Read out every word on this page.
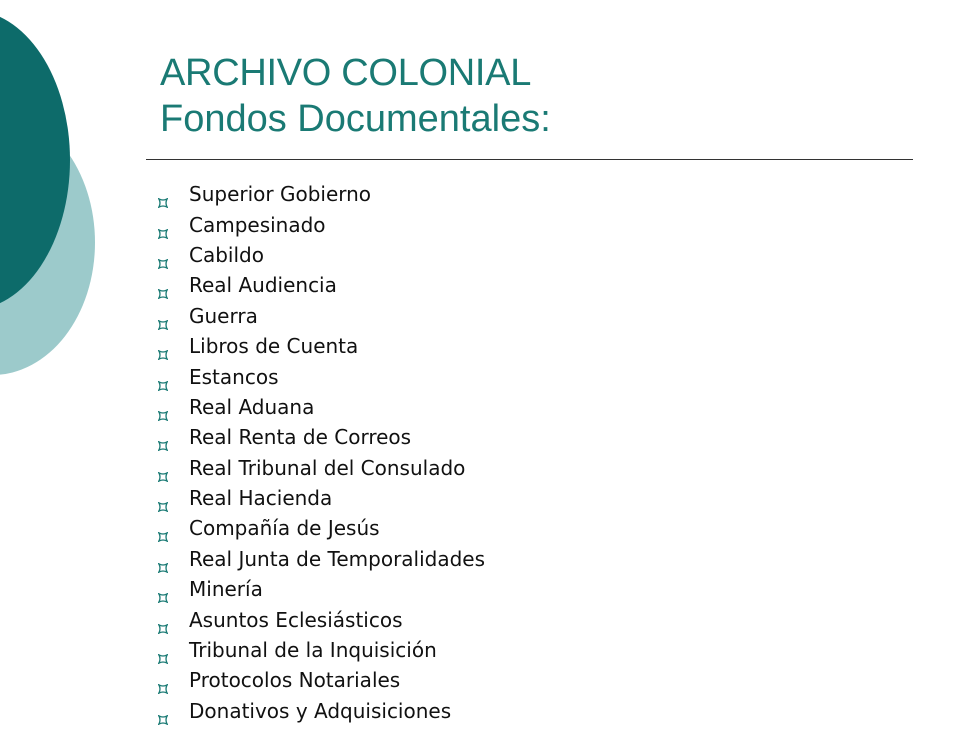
ARCHIVO COLONIAL
Fondos Documentales:
Superior Gobierno
Campesinado
Cabildo
Real Audiencia
Guerra
Libros de Cuenta
Estancos
Real Aduana
Real Renta de Correos
Real Tribunal del Consulado
Real Hacienda
Compañía de Jesús
Real Junta de Temporalidades
Minería
Asuntos Eclesiásticos
Tribunal de la Inquisición
Protocolos Notariales
Donativos y Adquisiciones
